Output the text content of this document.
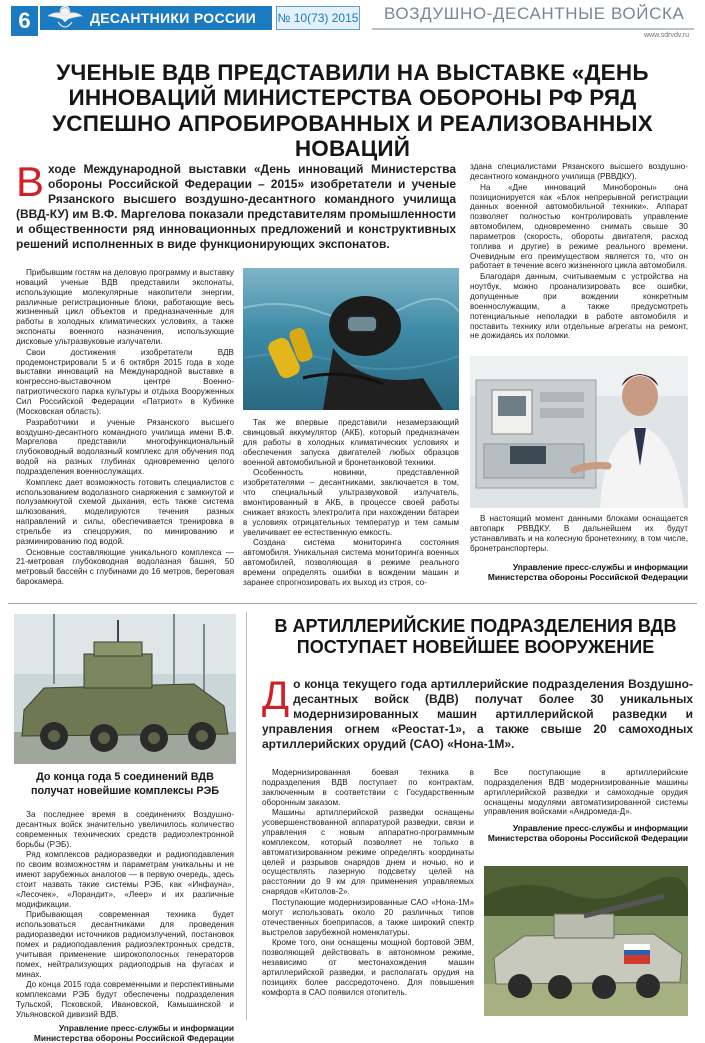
6	ДЕСАНТНИКИ РОССИИ № 10(73) 2015 ВОЗДУШНО-ДЕСАНТНЫЕ ВОЙСКА
www.sdrvdv.ru
УЧЕНЫЕ ВДВ ПРЕДСТАВИЛИ НА ВЫСТАВКЕ «ДЕНЬ ИННОВАЦИЙ МИНИСТЕРСТВА ОБОРОНЫ РФ РЯД УСПЕШНО АПРОБИРОВАННЫХ И РЕАЛИЗОВАННЫХ НОВАЦИЙ
В ходе Международной выставки «День инноваций Министерства обороны Российской Федерации – 2015» изобретатели и ученые Рязанского высшего воздушно-десантного командного училища (ВВД-КУ) им В.Ф. Маргелова показали представителям промышленности и общественности ряд инновационных предложений и конструктивных решений исполненных в виде функционирующих экспонатов.

Прибывшим гостям на деловую программу и выставку новаций ученые ВДВ представили экспонаты, использующие молекулярные накопители энергии, различные регистрационные блоки, работающие весь жизненный цикл объектов и предназначенные для работы в холодных климатических условиях, а также экспонаты военного назначения, использующие дисковые ультразвуковые излучатели.

Свои достижения изобретатели ВДВ продемонстрировали 5 и 6 октября 2015 года в ходе выставки инноваций на Международной выставке в конгрессно-выставочном центре Военно-патриотического парка культуры и отдыха Вооруженных Сил Российской Федерации «Патриот» в Кубинке (Московская область).

Разработчики и ученые Рязанского высшего воздушно-десантного командного училища имени В.Ф. Маргелова представили многофункциональный глубоководный водолазный комплекс для обучения под водой на разных глубинах одновременно целого подразделения военнослужащих.

Комплекс дает возможность готовить специалистов с использованием водолазного снаряжения с замкнутой и полузамкнутой схемой дыхания, есть также система шлюзования, моделируются течения разных направлений и силы, обеспечивается тренировка в стрельбе из спецоружия, по минированию и разминированию под водой.

Основные составляющие уникального комплекса — 21-метровая глубоководная водолазная башня, 50 метровый бассейн с глубинами до 16 метров, береговая барокамера.

Так же впервые представили незамерзающий свинцовый аккумулятор (АКБ), который предназначен для работы в холодных климатических условиях и обеспечения запуска двигателей любых образцов военной автомобильной и бронетанковой техники.

Особенность новинки, представленной изобретателями – десантниками, заключается в том, что специальный ультразвуковой излучатель, вмонтированный в АКБ, в процессе своей работы снижает вязкость электролита при нахождении батареи в условиях отрицательных температур и тем самым увеличивает ее естественную емкость.

Создана система мониторинга состояния автомобиля. Уникальная система мониторинга военных автомобилей, позволяющая в режиме реального времени определять ошибки в вождении машин и заранее спрогнозировать их выход из строя, со-

здана специалистами Рязанского высшего воздушно-десантного командного училища (РВВДКУ).

На «Дне инноваций Минобороны» она позиционируется как «Блок непрерывной регистрации данных военной автомобильной техники». Аппарат позволяет полностью контролировать управление автомобилем, одновременно снимать свыше 30 параметров (скорость, обороты двигателя, расход топлива и другие) в режиме реального времени. Очевидным его преимуществом является то, что он работает в течение всего жизненного цикла автомобиля.

Благодаря данным, считываемым с устройства на ноутбук, можно проанализировать все ошибки, допущенные при вождении конкретным военнослужащим, а также предусмотреть потенциальные неполадки в работе автомобиля и поставить технику или отдельные агрегаты на ремонт, не дожидаясь их поломки.

В настоящий момент данными блоками оснащается автопарк РВВДКУ. В дальнейшем их будут устанавливать и на колесную бронетехнику, в том числе, бронетранспортеры.
Управление пресс-службы и информации Министерства обороны Российской Федерации
До конца года 5 соединений ВДВ получат новейшие комплексы РЭБ

За последнее время в соединениях Воздушно-десантных войск значительно увеличилось количество современных технических средств радиоэлектронной борьбы (РЭБ).

Ряд комплексов радиоразведки и радиоподавления по своим возможностям и параметрам уникальны и не имеют зарубежных аналогов — в первую очередь, здесь стоит назвать такие системы РЭБ, как «Инфауна», «Лесочек», «Лорандит», «Леер» и их различные модификации.

Прибывающая современная техника будет использоваться десантниками для проведения радиоразведки источников радиоизлучений, постановок помех и радиоподавления радиоэлектронных средств, учитывая применение широкополосных генераторов помех, нейтрализующих радиоподрыв на фугасах и минах.

До конца 2015 года современными и перспективными комплексами РЭБ будут обеспечены подразделения Тульской, Псковской, Ивановской, Камышинской и Ульяновской дивизий ВДВ.

Управление пресс-службы и информации Министерства обороны Российской Федерации
В АРТИЛЛЕРИЙСКИЕ ПОДРАЗДЕЛЕНИЯ ВДВ ПОСТУПАЕТ НОВЕЙШЕЕ ВООРУЖЕНИЕ
Д о конца текущего года артиллерийские подразделения Воздушно-десантных войск (ВДВ) получат более 30 уникальных модернизированных машин артиллерийской разведки и управления огнем «Реостат-1», а также свыше 20 самоходных артиллерийских орудий (САО) «Нона-1М».

Модернизированная боевая техника в подразделения ВДВ поступает по контрактам, заключенным в соответствии с Государственным оборонным заказом.

Машины артиллерийской разведки оснащены усовершенствованной аппаратурой разведки, связи и управления с новым аппаратно-программным комплексом, который позволяет не только в автоматизированном режиме определять координаты целей и разрывов снарядов днем и ночью, но и осуществлять лазерную подсветку целей на расстоянии до 9 км для применения управляемых снарядов «Китолов-2».

Поступающие модернизированные САО «Нона-1М» могут использовать около 20 различных типов отечественных боеприпасов, а также широкий спектр выстрелов зарубежной номенклатуры.

Кроме того, они оснащены мощной бортовой ЭВМ, позволяющей действовать в автономном режиме, независимо от местонахождения машин артиллерийской разведки, и располагать орудия на позициях более рассредоточено. Для повышения комфорта в САО появился отопитель.

Все поступающие в артиллерийские подразделения ВДВ модернизированные машины артиллерийской разведки и самоходные орудия оснащены модулями автоматизированной системы управления войсками «Андромеда-Д».

Управление пресс-службы и информации Министерства обороны Российской Федерации
